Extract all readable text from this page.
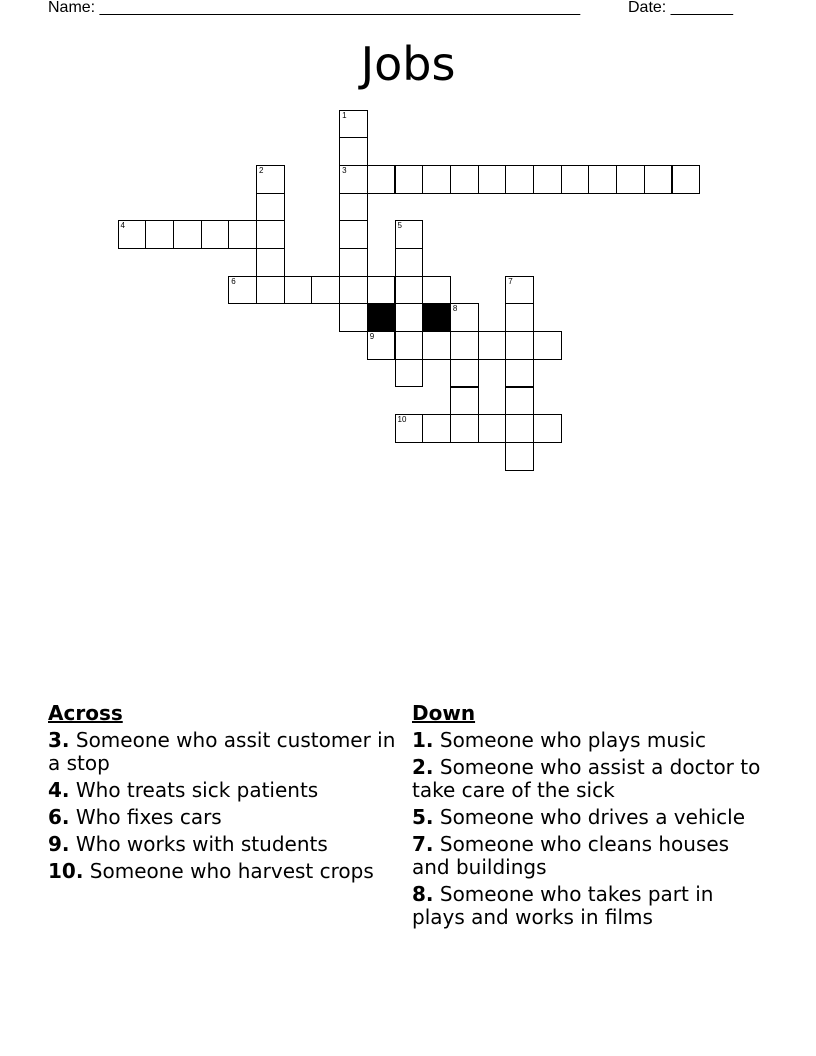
Name: ______________________________________________________	Date: _______
Jobs
1
2	3
4	5
6	7
8
9
10
Across
3. Someone who assit customer in a stop
4. Who treats sick patients
6. Who fixes cars
9. Who works with students
10. Someone who harvest crops
Down
1. Someone who plays music
2. Someone who assist a doctor to take care of the sick
5. Someone who drives a vehicle
7. Someone who cleans houses and buildings
8. Someone who takes part in plays and works in films
